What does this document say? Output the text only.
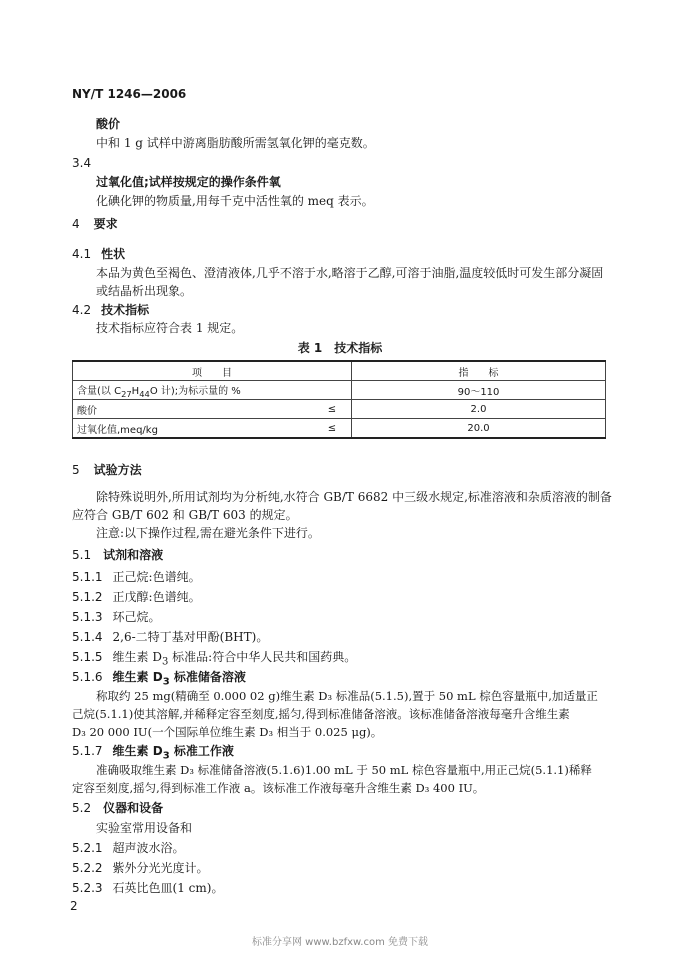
NY/T 1246—2006
酸价
中和 1 g 试样中游离脂肪酸所需氢氧化钾的毫克数。
3.4
过氧化值;试样按规定的操作条件氧
化碘化钾的物质量,用每千克中活性氧的 meq 表示。
4 要求
4.1 性状
本品为黄色至褐色、澄清液体,几乎不溶于水,略溶于乙醇,可溶于油脂,温度较低时可发生部分凝固或结晶析出现象。
4.2 技术指标
技术指标应符合表 1 规定。
表 1　技术指标
项　　目		指　　标
含量(以 $C_{27}H_{44}O$ 计);为标示量的 %		90～110
酸价	≤	2.0
过氧化值,meq/kg	≤	20.0
5 试验方法
除特殊说明外,所用试剂均为分析纯,水符合 GB/T 6682 中三级水规定,标准溶液和杂质溶液的制备应符合 GB/T 602 和 GB/T 603 的规定。
注意:以下操作过程,需在避光条件下进行。
5.1 试剂和溶液
5.1.1 正己烷:色谱纯。
5.1.2 正戊醇:色谱纯。
5.1.3 环己烷。
5.1.4 2,6-二特丁基对甲酚(BHT)。
5.1.5 维生素 $D_3$ 标准品:符合中华人民共和国药典。
5.1.6 维生素 $D_3$ 标准储备溶液
称取约 25 mg(精确至 0.000 02 g)维生素 D₃ 标准品(5.1.5),置于 50 mL 棕色容量瓶中,加适量正
己烷(5.1.1)使其溶解,并稀释定容至刻度,摇匀,得到标准储备溶液。该标准储备溶液每毫升含维生素
D₃ 20 000 IU(一个国际单位维生素 D₃ 相当于 0.025 μg)。
5.1.7 维生素 $D_3$ 标准工作液
准确吸取维生素 D₃ 标准储备溶液(5.1.6)1.00 mL 于 50 mL 棕色容量瓶中,用正己烷(5.1.1)稀释
定容至刻度,摇匀,得到标准工作液 a。该标准工作液每毫升含维生素 D₃ 400 IU。
5.2 仪器和设备
实验室常用设备和
5.2.1 超声波水浴。
5.2.2 紫外分光光度计。
5.2.3 石英比色皿(1 cm)。
2
标准分享网 www.bzfxw.com 免费下载
